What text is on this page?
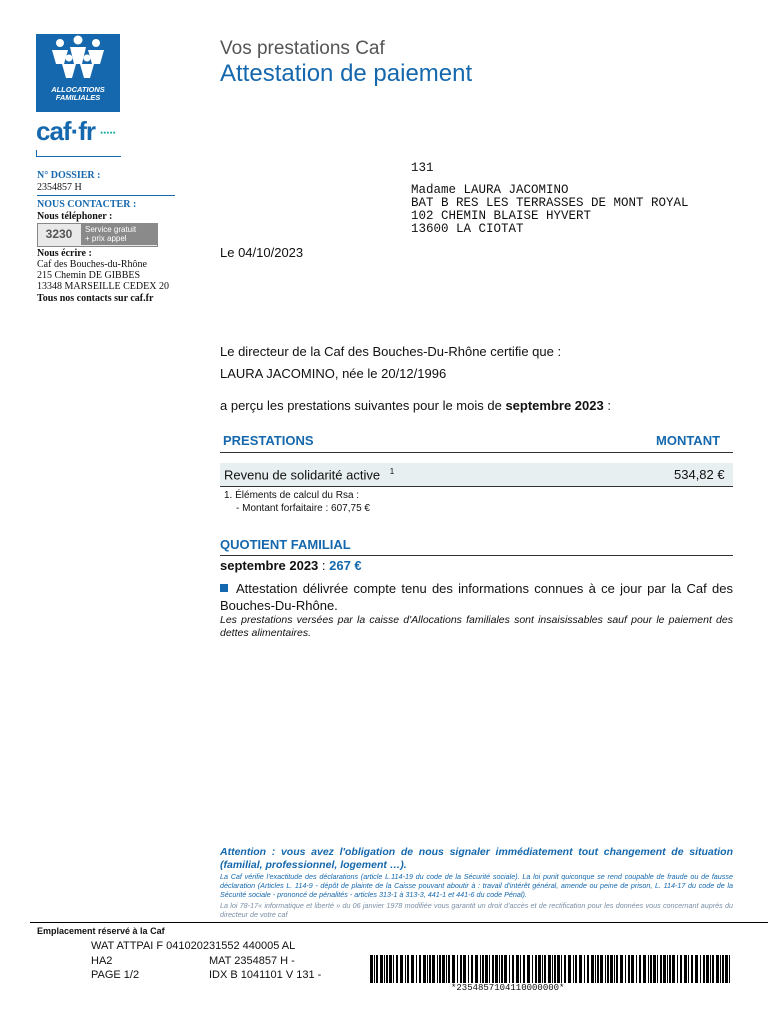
ALLOCATIONS
FAMILIALES
caf·fr •••••
N° DOSSIER :
2354857 H
NOUS CONTACTER :
Nous téléphoner :
3230	Service gratuit
+ prix appel
Nous écrire :
Caf des Bouches-du-Rhône
215 Chemin DE GIBBES
13348 MARSEILLE CEDEX 20
Tous nos contacts sur caf.fr
Vos prestations Caf
Attestation de paiement
131
Madame LAURA JACOMINO
BAT B RES LES TERRASSES DE MONT ROYAL
102 CHEMIN BLAISE HYVERT
13600 LA CIOTAT
Le 04/10/2023
Le directeur de la Caf des Bouches-Du-Rhône certifie que :
LAURA JACOMINO, née le 20/12/1996
a perçu les prestations suivantes pour le mois de septembre 2023 :
PRESTATIONS	MONTANT
Revenu de solidarité active $^1$	534,82 €
1. Éléments de calcul du Rsa :
- Montant forfaitaire : 607,75 €
QUOTIENT FAMILIAL
septembre 2023 : 267 €
Attestation délivrée compte tenu des informations connues à ce jour par la Caf des Bouches-Du-Rhône.
Les prestations versées par la caisse d'Allocations familiales sont insaisissables sauf pour le paiement des dettes alimentaires.
Attention : vous avez l'obligation de nous signaler immédiatement tout changement de situation (familial, professionnel, logement …).
La Caf vérifie l'exactitude des déclarations (article L.114-19 du code de la Sécurité sociale). La loi punit quiconque se rend coupable de fraude ou de fausse déclaration (Articles L. 114-9 - dépôt de plainte de la Caisse pouvant aboutir à : travail d'intérêt général, amende ou peine de prison, L. 114-17 du code de la Sécurité sociale - prononcé de pénalités - articles 313-1 à 313-3, 441-1 et 441-6 du code Pénal).
La loi 78-17« informatique et liberté » du 06 janvier 1978 modifiée vous garantit un droit d'accès et de rectification pour les données vous concernant auprès du directeur de votre caf
Emplacement réservé à la Caf
WAT ATTPAI F 041020231552 440005 AL
HA2	MAT 2354857 H -
PAGE 1/2	IDX B 1041101 V 131 -
*2354857104110000000*
